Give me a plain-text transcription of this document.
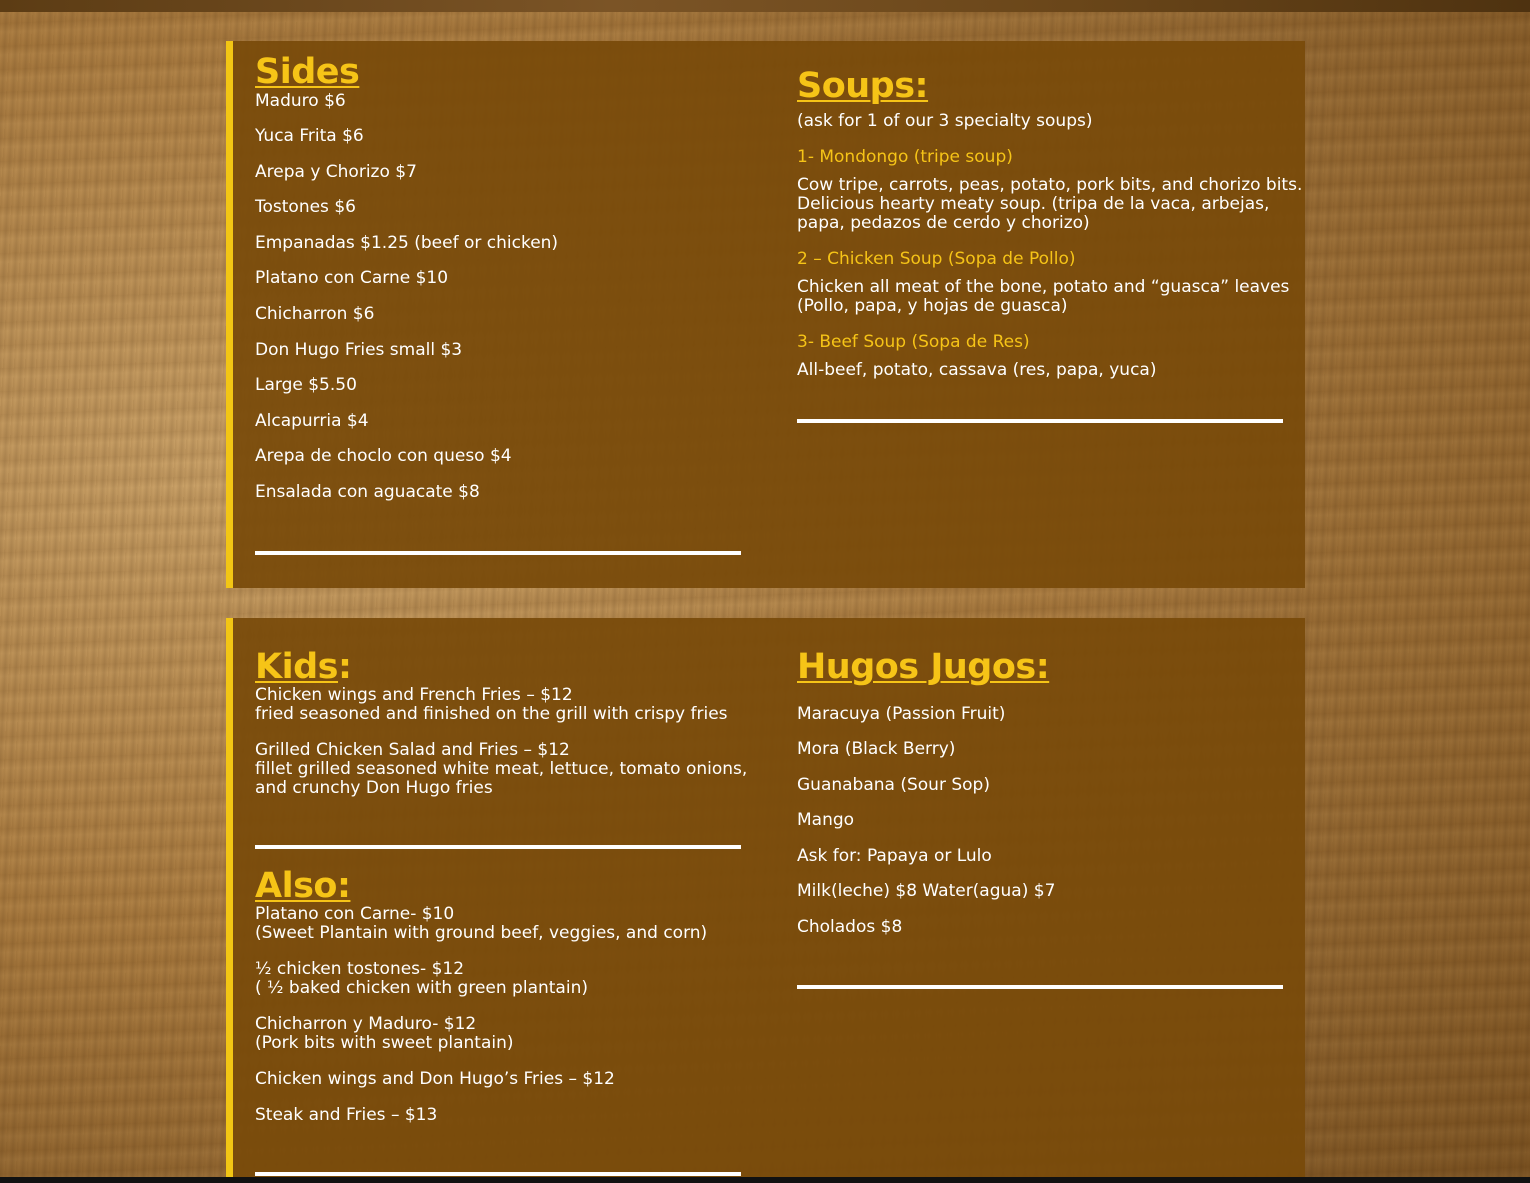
Sides

Maduro $6

Yuca Frita $6

Arepa y Chorizo $7

Tostones $6

Empanadas $1.25 (beef or chicken)

Platano con Carne $10

Chicharron $6

Don Hugo Fries small $3

Large $5.50

Alcapurria $4

Arepa de choclo con queso $4

Ensalada con aguacate $8

Soups:

(ask for 1 of our 3 specialty soups)

1- Mondongo (tripe soup)

Cow tripe, carrots, peas, potato, pork bits, and chorizo bits.

Delicious hearty meaty soup. (tripa de la vaca, arbejas,

papa, pedazos de cerdo y chorizo)

2 – Chicken Soup (Sopa de Pollo)

Chicken all meat of the bone, potato and “guasca” leaves

(Pollo, papa, y hojas de guasca)

3- Beef Soup (Sopa de Res)

All-beef, potato, cassava (res, papa, yuca)

Kids:

Chicken wings and French Fries – $12

fried seasoned and finished on the grill with crispy fries

Grilled Chicken Salad and Fries – $12

fillet grilled seasoned white meat, lettuce, tomato onions,

and crunchy Don Hugo fries

Also:

Platano con Carne- $10

(Sweet Plantain with ground beef, veggies, and corn)

½ chicken tostones- $12

( ½ baked chicken with green plantain)

Chicharron y Maduro- $12

(Pork bits with sweet plantain)

Chicken wings and Don Hugo’s Fries – $12

Steak and Fries – $13

Hugos Jugos:

Maracuya (Passion Fruit)

Mora (Black Berry)

Guanabana (Sour Sop)

Mango

Ask for: Papaya or Lulo

Milk(leche) $8 Water(agua) $7

Cholados $8
